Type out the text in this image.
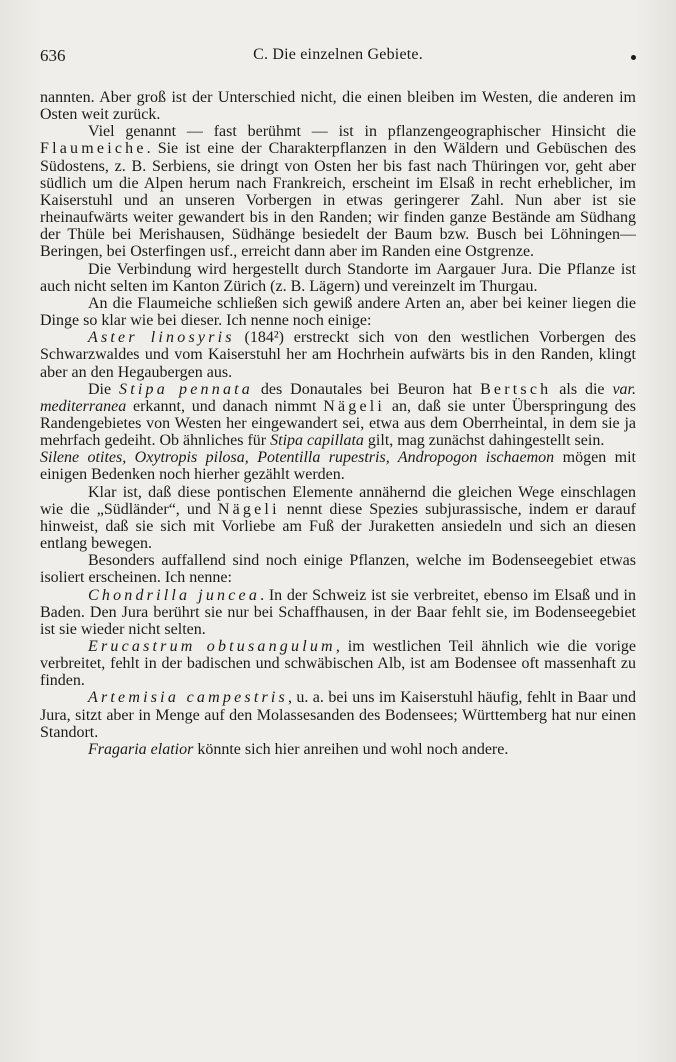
636	C. Die einzelnen Gebiete.

nannten. Aber groß ist der Unterschied nicht, die einen bleiben im Westen, die anderen im Osten weit zurück.

Viel genannt — fast berühmt — ist in pflanzengeographischer Hinsicht die Flaumeiche. Sie ist eine der Charakterpflanzen in den Wäldern und Gebüschen des Südostens, z. B. Serbiens, sie dringt von Osten her bis fast nach Thüringen vor, geht aber südlich um die Alpen herum nach Frankreich, erscheint im Elsaß in recht erheblicher, im Kaiserstuhl und an unseren Vorbergen in etwas geringerer Zahl. Nun aber ist sie rheinaufwärts weiter gewandert bis in den Randen; wir finden ganze Bestände am Südhang der Thüle bei Merishausen, Südhänge besiedelt der Baum bzw. Busch bei Löhningen—Beringen, bei Osterfingen usf., erreicht dann aber im Randen eine Ostgrenze.

Die Verbindung wird hergestellt durch Standorte im Aargauer Jura. Die Pflanze ist auch nicht selten im Kanton Zürich (z. B. Lägern) und vereinzelt im Thurgau.

An die Flaumeiche schließen sich gewiß andere Arten an, aber bei keiner liegen die Dinge so klar wie bei dieser. Ich nenne noch einige:

Aster linosyris (184²) erstreckt sich von den westlichen Vorbergen des Schwarzwaldes und vom Kaiserstuhl her am Hochrhein aufwärts bis in den Randen, klingt aber an den Hegaubergen aus.

Die Stipa pennata des Donautales bei Beuron hat Bertsch als die var. mediterranea erkannt, und danach nimmt Nägeli an, daß sie unter Überspringung des Randengebietes von Westen her eingewandert sei, etwa aus dem Oberrheintal, in dem sie ja mehrfach gedeiht. Ob ähnliches für Stipa capillata gilt, mag zunächst dahingestellt sein.

Silene otites, Oxytropis pilosa, Potentilla rupestris, Andropogon ischaemon mögen mit einigen Bedenken noch hierher gezählt werden.

Klar ist, daß diese pontischen Elemente annähernd die gleichen Wege einschlagen wie die „Südländer“, und Nägeli nennt diese Spezies subjurassische, indem er darauf hinweist, daß sie sich mit Vorliebe am Fuß der Juraketten ansiedeln und sich an diesen entlang bewegen.

Besonders auffallend sind noch einige Pflanzen, welche im Bodenseegebiet etwas isoliert erscheinen. Ich nenne:

Chondrilla juncea. In der Schweiz ist sie verbreitet, ebenso im Elsaß und in Baden. Den Jura berührt sie nur bei Schaffhausen, in der Baar fehlt sie, im Bodenseegebiet ist sie wieder nicht selten.

Erucastrum obtusangulum, im westlichen Teil ähnlich wie die vorige verbreitet, fehlt in der badischen und schwäbischen Alb, ist am Bodensee oft massenhaft zu finden.

Artemisia campestris, u. a. bei uns im Kaiserstuhl häufig, fehlt in Baar und Jura, sitzt aber in Menge auf den Molassesanden des Bodensees; Württemberg hat nur einen Standort.

Fragaria elatior könnte sich hier anreihen und wohl noch andere.
